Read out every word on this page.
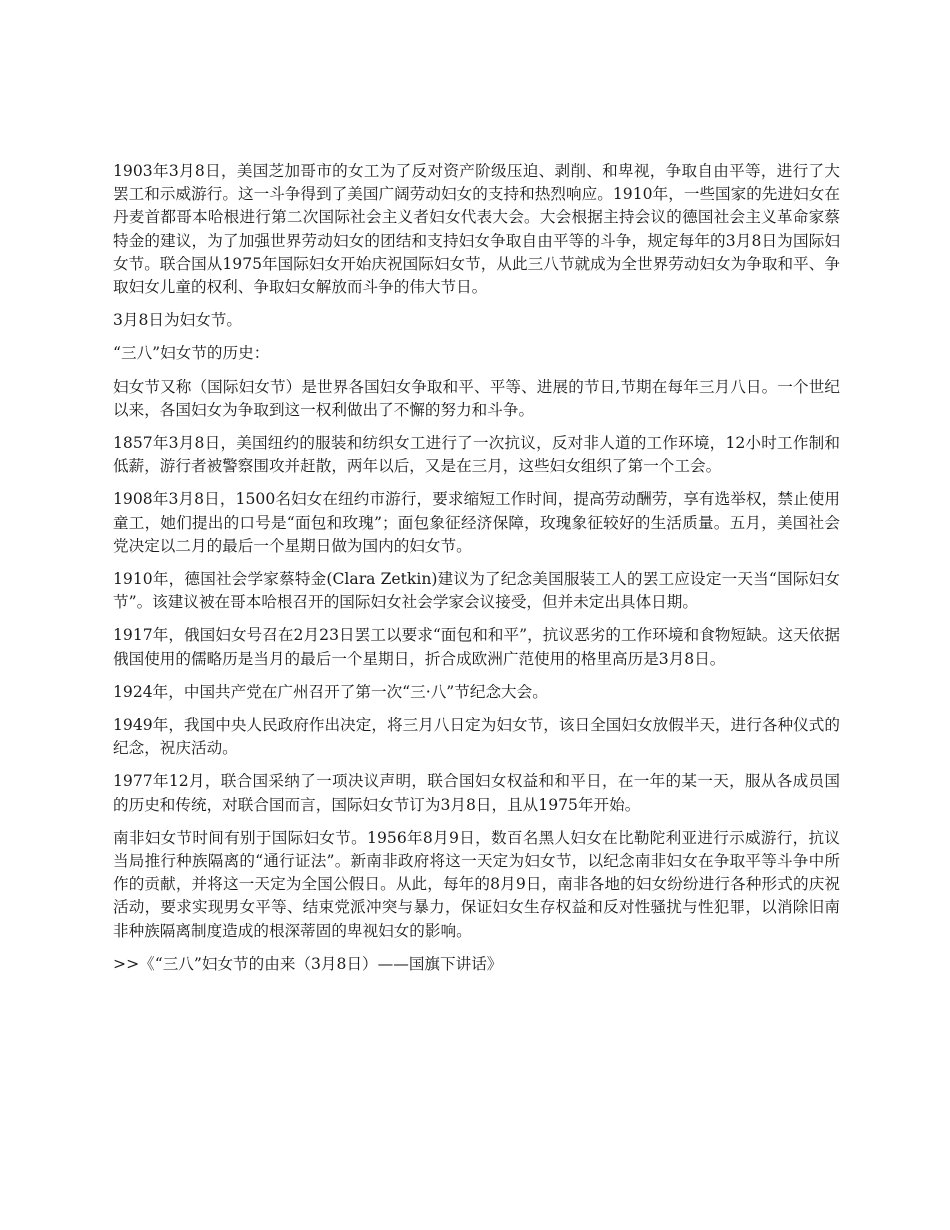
1903年3月8日，美国芝加哥市的女工为了反对资产阶级压迫、剥削、和卑视，争取自由平等，进行了大罢工和示威游行。这一斗争得到了美国广阔劳动妇女的支持和热烈响应。1910年，一些国家的先进妇女在丹麦首都哥本哈根进行第二次国际社会主义者妇女代表大会。大会根据主持会议的德国社会主义革命家蔡特金的建议，为了加强世界劳动妇女的团结和支持妇女争取自由平等的斗争，规定每年的3月8日为国际妇女节。联合国从1975年国际妇女开始庆祝国际妇女节，从此三八节就成为全世界劳动妇女为争取和平、争取妇女儿童的权利、争取妇女解放而斗争的伟大节日。

3月8日为妇女节。

“三八”妇女节的历史：

妇女节又称（国际妇女节）是世界各国妇女争取和平、平等、进展的节日,节期在每年三月八日。一个世纪以来，各国妇女为争取到这一权利做出了不懈的努力和斗争。

1857年3月8日，美国纽约的服装和纺织女工进行了一次抗议，反对非人道的工作环境，12小时工作制和低薪，游行者被警察围攻并赶散，两年以后，又是在三月，这些妇女组织了第一个工会。

1908年3月8日，1500名妇女在纽约市游行，要求缩短工作时间，提高劳动酬劳，享有选举权，禁止使用童工，她们提出的口号是“面包和玫瑰”；面包象征经济保障，玫瑰象征较好的生活质量。五月，美国社会党决定以二月的最后一个星期日做为国内的妇女节。

1910年，德国社会学家蔡特金(Clara Zetkin)建议为了纪念美国服装工人的罢工应设定一天当“国际妇女节”。该建议被在哥本哈根召开的国际妇女社会学家会议接受，但并未定出具体日期。

1917年，俄国妇女号召在2月23日罢工以要求“面包和和平”，抗议恶劣的工作环境和食物短缺。这天依据俄国使用的儒略历是当月的最后一个星期日，折合成欧洲广范使用的格里高历是3月8日。

1924年，中国共产党在广州召开了第一次“三·八”节纪念大会。

1949年，我国中央人民政府作出决定，将三月八日定为妇女节，该日全国妇女放假半天，进行各种仪式的纪念，祝庆活动。

1977年12月，联合国采纳了一项决议声明，联合国妇女权益和和平日，在一年的某一天，服从各成员国的历史和传统，对联合国而言，国际妇女节订为3月8日，且从1975年开始。

南非妇女节时间有别于国际妇女节。1956年8月9日，数百名黑人妇女在比勒陀利亚进行示威游行，抗议当局推行种族隔离的“通行证法”。新南非政府将这一天定为妇女节，以纪念南非妇女在争取平等斗争中所作的贡献，并将这一天定为全国公假日。从此，每年的8月9日，南非各地的妇女纷纷进行各种形式的庆祝活动，要求实现男女平等、结束党派冲突与暴力，保证妇女生存权益和反对性骚扰与性犯罪，以消除旧南非种族隔离制度造成的根深蒂固的卑视妇女的影响。

>>《“三八”妇女节的由来（3月8日）——国旗下讲话》
